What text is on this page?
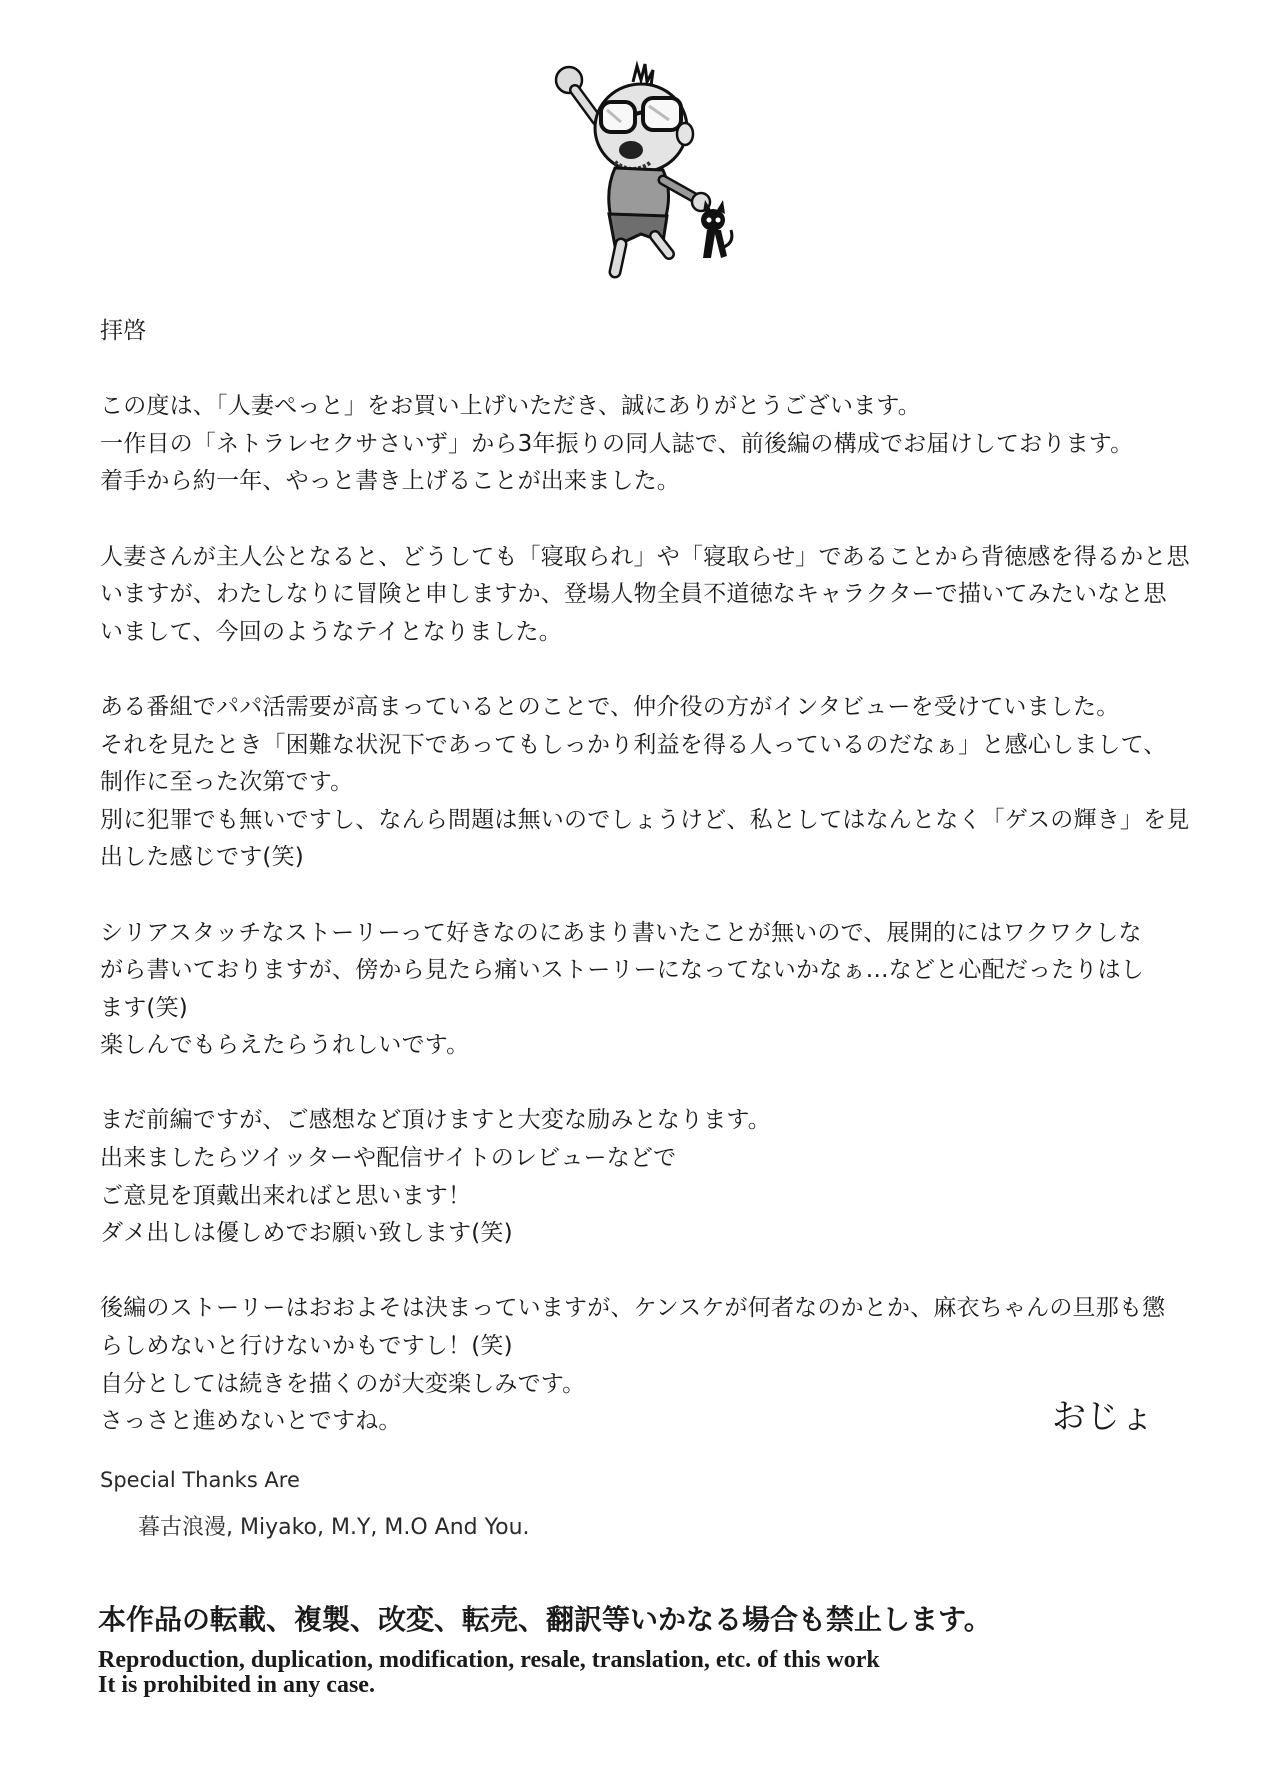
拝啓
この度は、「人妻ぺっと」をお買い上げいただき、誠にありがとうございます。
一作目の「ネトラレセクサさいず」から3年振りの同人誌で、前後編の構成でお届けしております。
着手から約一年、やっと書き上げることが出来ました。
人妻さんが主人公となると、どうしても「寝取られ」や「寝取らせ」であることから背徳感を得るかと思
いますが、わたしなりに冒険と申しますか、登場人物全員不道徳なキャラクターで描いてみたいなと思
いまして、今回のようなテイとなりました。
ある番組でパパ活需要が高まっているとのことで、仲介役の方がインタビューを受けていました。
それを見たとき「困難な状況下であってもしっかり利益を得る人っているのだなぁ」と感心しまして、
制作に至った次第です。
別に犯罪でも無いですし、なんら問題は無いのでしょうけど、私としてはなんとなく「ゲスの輝き」を見
出した感じです(笑)
シリアスタッチなストーリーって好きなのにあまり書いたことが無いので、展開的にはワクワクしな
がら書いておりますが、傍から見たら痛いストーリーになってないかなぁ…などと心配だったりはし
ます(笑)
楽しんでもらえたらうれしいです。
まだ前編ですが、ご感想など頂けますと大変な励みとなります。
出来ましたらツイッターや配信サイトのレビューなどで
ご意見を頂戴出来ればと思います！
ダメ出しは優しめでお願い致します(笑)
後編のストーリーはおおよそは決まっていますが、ケンスケが何者なのかとか、麻衣ちゃんの旦那も懲
らしめないと行けないかもですし！(笑)
自分としては続きを描くのが大変楽しみです。
さっさと進めないとですね。	おじょ
Special Thanks Are
暮古浪漫, Miyako, M.Y, M.O And You.
本作品の転載、複製、改変、転売、翻訳等いかなる場合も禁止します。
Reproduction, duplication, modification, resale, translation, etc. of this work
It is prohibited in any case.
